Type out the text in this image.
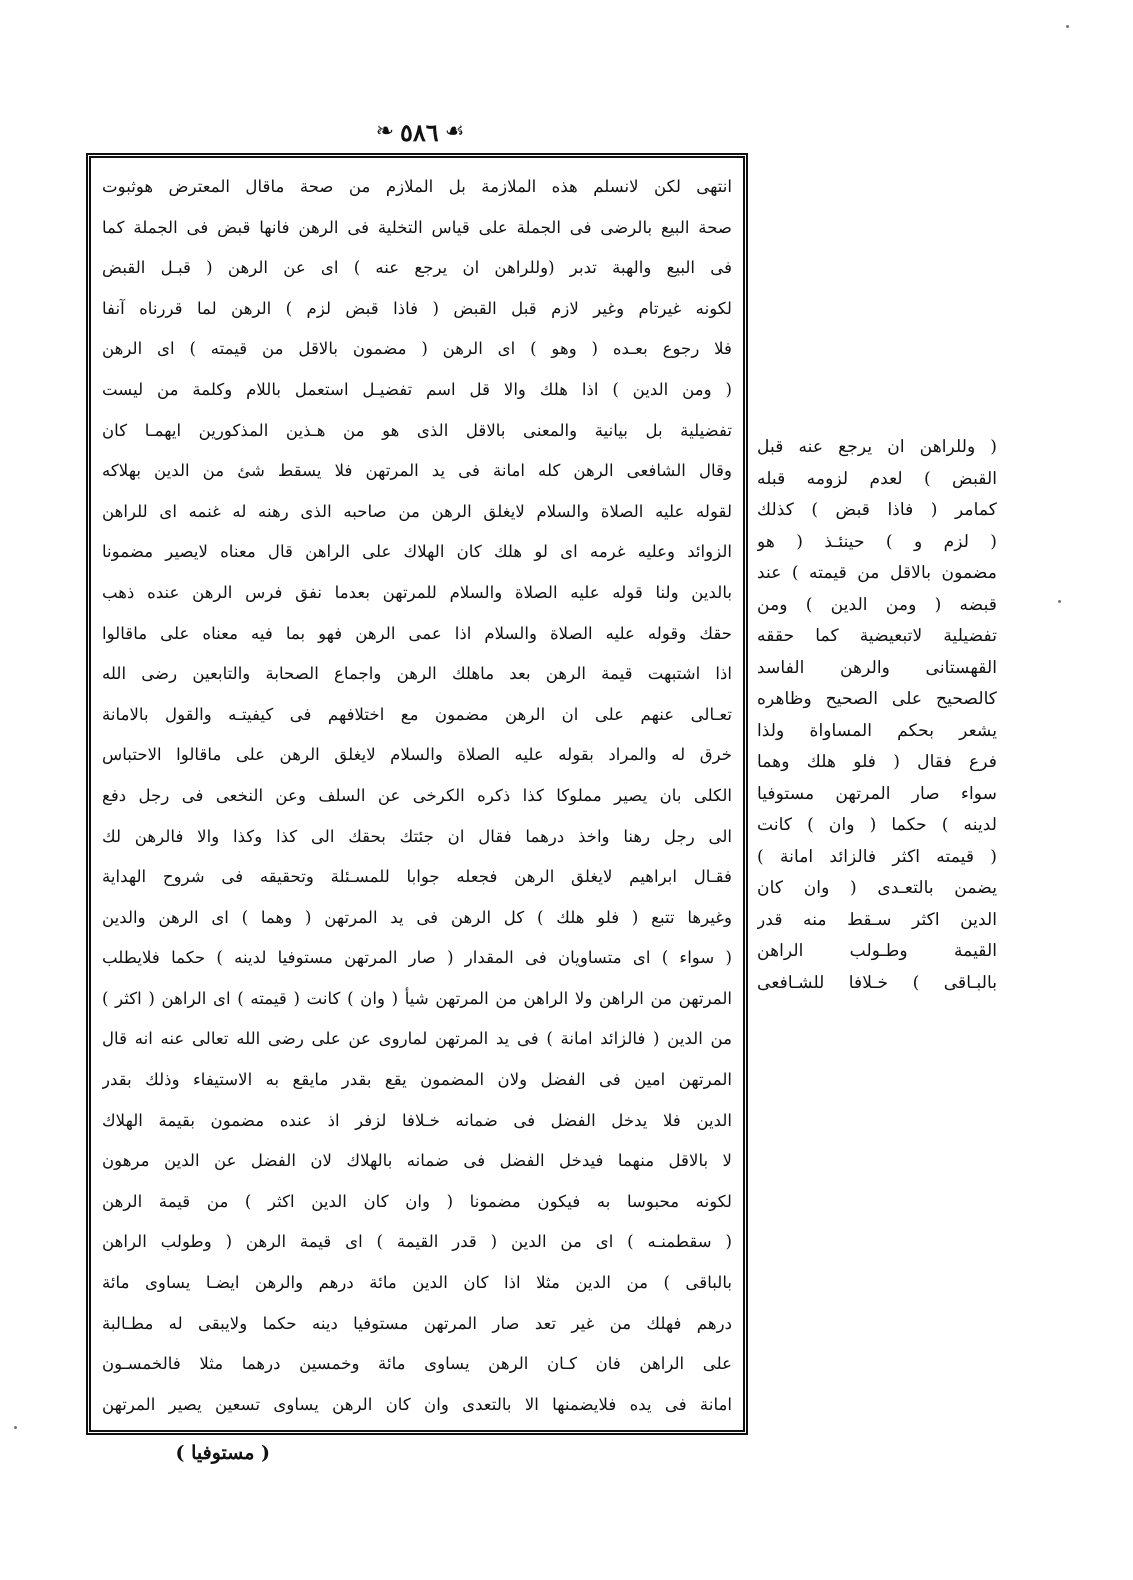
❧ ٥٨٦ ☙
انتهى لكن لانسلم هذه الملازمة بل الملازم من صحة ماقال المعترض هوثبوت
صحة البيع بالرضى فى الجملة على قياس التخلية فى الرهن فانها قبض فى الجملة كما
فى البيع والهبة تدبر (وللراهن ان يرجع عنه ) اى عن الرهن ( قبـل القبض
لكونه غيرتام وغير لازم قبل القبض ( فاذا قبض لزم ) الرهن لما قررناه آنفا
فلا رجوع بعـده ( وهو ) اى الرهن ( مضمون بالاقل من قيمته ) اى الرهن
( ومن الدين ) اذا هلك والا قل اسم تفضيـل استعمل باللام وكلمة من ليست
تفضيلية بل بيانية والمعنى بالاقل الذى هو من هـذين المذكورين ايهمـا كان
وقال الشافعى الرهن كله امانة فى يد المرتهن فلا يسقط شئ من الدين بهلاكه
لقوله عليه الصلاة والسلام لايغلق الرهن من صاحبه الذى رهنه له غنمه اى للراهن
الزوائد وعليه غرمه اى لو هلك كان الهلاك على الراهن قال معناه لايصير مضمونا
بالدين ولنا قوله عليه الصلاة والسلام للمرتهن بعدما نفق فرس الرهن عنده ذهب
حقك وقوله عليه الصلاة والسلام اذا عمى الرهن فهو بما فيه معناه على ماقالوا
اذا اشتبهت قيمة الرهن بعد ماهلك الرهن واجماع الصحابة والتابعين رضى الله
تعـالى عنهم على ان الرهن مضمون مع اختلافهم فى كيفيتـه والقول بالامانة
خرق له والمراد بقوله عليه الصلاة والسلام لايغلق الرهن على ماقالوا الاحتباس
الكلى بان يصير مملوكا كذا ذكره الكرخى عن السلف وعن النخعى فى رجل دفع
الى رجل رهنا واخذ درهما فقال ان جئتك بحقك الى كذا وكذا والا فالرهن لك
فقـال ابراهيم لايغلق الرهن فجعله جوابا للمسـئلة وتحقيقه فى شروح الهداية
وغيرها تتبع ( فلو هلك ) كل الرهن فى يد المرتهن ( وهما ) اى الرهن والدين
( سواء ) اى متساويان فى المقدار ( صار المرتهن مستوفيا لدينه ) حكما فلايطلب
المرتهن من الراهن ولا الراهن من المرتهن شيأ ( وان ) كانت ( قيمته ) اى الراهن ( اكثر )
من الدين ( فالزائد امانة ) فى يد المرتهن لماروى عن على رضى الله تعالى عنه انه قال
المرتهن امين فى الفضل ولان المضمون يقع بقدر مايقع به الاستيفاء وذلك بقدر
الدين فلا يدخل الفضل فى ضمانه خـلافا لزفر اذ عنده مضمون بقيمة الهلاك
لا بالاقل منهما فيدخل الفضل فى ضمانه بالهلاك لان الفضل عن الدين مرهون
لكونه محبوسا به فيكون مضمونا ( وان كان الدين اكثر ) من قيمة الرهن
( سقطمنـه ) اى من الدين ( قدر القيمة ) اى قيمة الرهن ( وطولب الراهن
بالباقى ) من الدين مثلا اذا كان الدين مائة درهم والرهن ايضـا يساوى مائة
درهم فهلك من غير تعد صار المرتهن مستوفيا دينه حكما ولايبقى له مطـالبة
على الراهن فان كـان الرهن يساوى مائة وخمسين درهما مثلا فالخمسـون
امانة فى يده فلايضمنها الا بالتعدى وان كان الرهن يساوى تسعين يصير المرتهن
( وللراهن ان يرجع عنه قبل
القبض ) لعدم لزومه قبله
كمامر ( فاذا قبض ) كذلك
( لزم و ) حينئـذ ( هو
مضمون بالاقل من قيمته ) عند
قبضه ( ومن الدين ) ومن
تفضيلية لاتبعيضية كما حققه
القهستانى والرهن الفاسد
كالصحيح على الصحيح وظاهره
يشعر بحكم المساواة ولذا
فرع فقال ( فلو هلك وهما
سواء صار المرتهن مستوفيا
لدينه ) حكما ( وان ) كانت
( قيمته اكثر فالزائد امانة )
يضمن بالتعـدى ( وان كان
الدين اكثر سـقط منه قدر
القيمة وطـولب الراهن
بالبـاقى ) خـلافا للشـافعى
( مستوفيا )
